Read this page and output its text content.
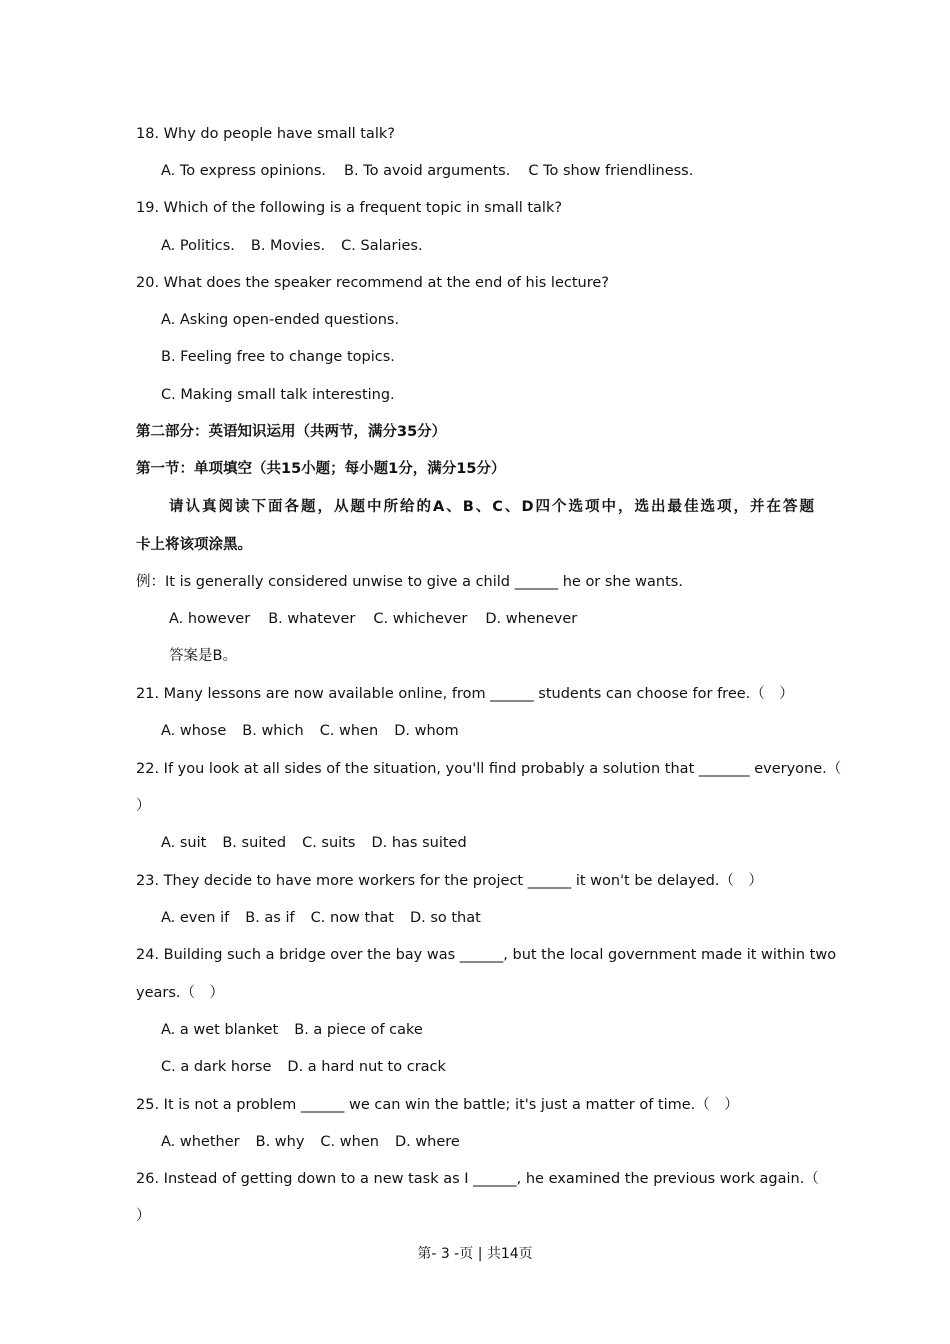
18. Why do people have small talk?
A. To express opinions. B. To avoid arguments. C To show friendliness.
19. Which of the following is a frequent topic in small talk?
A. Politics. B. Movies. C. Salaries.
20. What does the speaker recommend at the end of his lecture?
A. Asking open-ended questions.
B. Feeling free to change topics.
C. Making small talk interesting.
第二部分：英语知识运用（共两节，满分35分）
第一节：单项填空（共15小题；每小题1分，满分15分）
请认真阅读下面各题，从题中所给的A、B、C、D四个选项中，选出最佳选项，并在答题
卡上将该项涂黑。
例：It is generally considered unwise to give a child ______ he or she wants.
A. however B. whatever C. whichever D. whenever
答案是B。
21. Many lessons are now available online, from ______ students can choose for free.（　）
A. whose B. which C. when D. whom
22. If you look at all sides of the situation, you'll find probably a solution that _______ everyone.（
）
A. suit B. suited C. suits D. has suited
23. They decide to have more workers for the project ______ it won't be delayed.（　）
A. even if B. as if C. now that D. so that
24. Building such a bridge over the bay was ______, but the local government made it within two
years.（　）
A. a wet blanket B. a piece of cake
C. a dark horse D. a hard nut to crack
25. It is not a problem ______ we can win the battle; it's just a matter of time.（　）
A. whether B. why C. when D. where
26. Instead of getting down to a new task as I ______, he examined the previous work again.（
）
第- 3 -页 | 共14页
